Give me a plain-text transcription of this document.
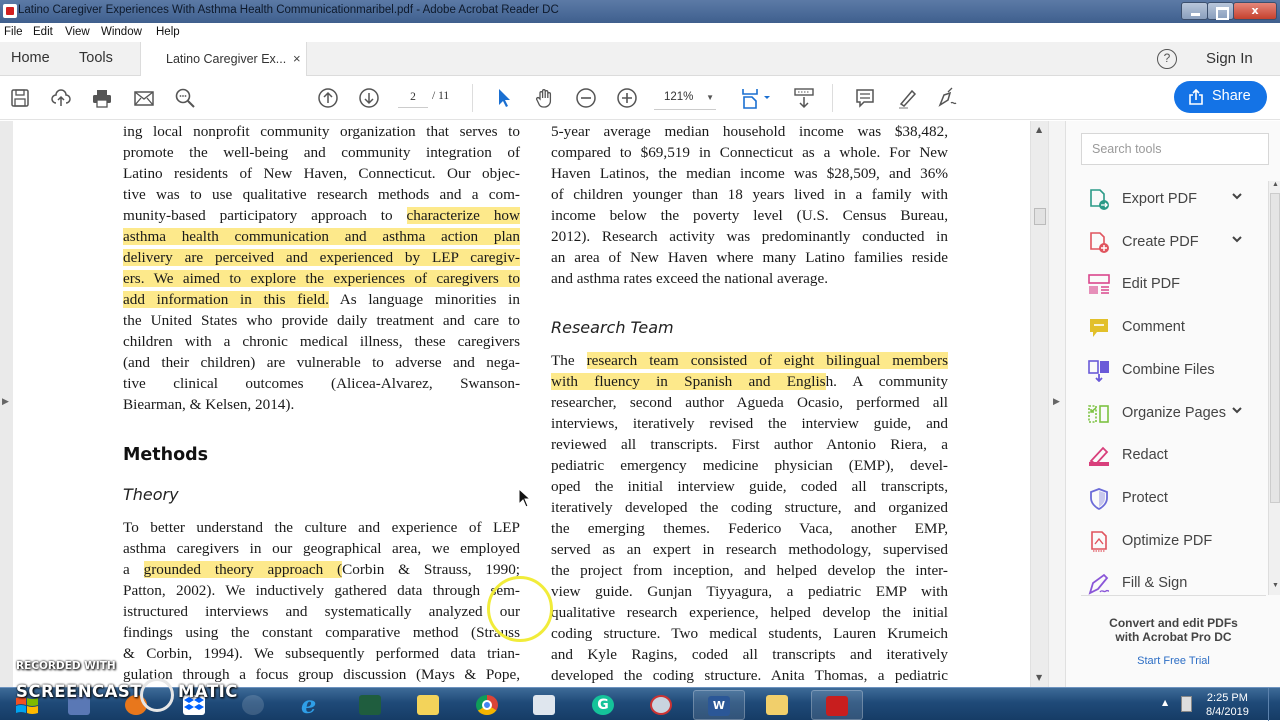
Latino Caregiver Experiences With Asthma Health Communicationmaribel.pdf - Adobe Acrobat Reader DC	x
File Edit View Window Help
Home Tools	Latino Caregiver Ex... ×	?	Sign In
2	/ 11	121% ▼	Share
▶
ing local nonprofit community organization that serves to
promote the well-being and community integration of
Latino residents of New Haven, Connecticut. Our objec-
tive was to use qualitative research methods and a com-
munity-based participatory approach to characterize how
asthma health communication and asthma action plan
delivery are perceived and experienced by LEP caregiv-
ers. We aimed to explore the experiences of caregivers to
add information in this field. As language minorities in
the United States who provide daily treatment and care to
children with a chronic medical illness, these caregivers
(and their children) are vulnerable to adverse and nega-
tive clinical outcomes (Alicea-Alvarez, Swanson-
Biearman, & Kelsen, 2014).
Methods
Theory
To better understand the culture and experience of LEP
asthma caregivers in our geographical area, we employed
a grounded theory approach (Corbin & Strauss, 1990;
Patton, 2002). We inductively gathered data through sem-
istructured interviews and systematically analyzed our
findings using the constant comparative method (Strauss
& Corbin, 1994). We subsequently performed data trian-
gulation through a focus group discussion (Mays & Pope,
5-year average median household income was $38,482,
compared to $69,519 in Connecticut as a whole. For New
Haven Latinos, the median income was $28,509, and 36%
of children younger than 18 years lived in a family with
income below the poverty level (U.S. Census Bureau,
2012). Research activity was predominantly conducted in
an area of New Haven where many Latino families reside
and asthma rates exceed the national average.
Research Team
The research team consisted of eight bilingual members
with fluency in Spanish and English. A community
researcher, second author Agueda Ocasio, performed all
interviews, iteratively revised the interview guide, and
reviewed all transcripts. First author Antonio Riera, a
pediatric emergency medicine physician (EMP), devel-
oped the initial interview guide, coded all transcripts,
iteratively developed the coding structure, and organized
the emerging themes. Federico Vaca, another EMP,
served as an expert in research methodology, supervised
the project from inception, and helped develop the inter-
view guide. Gunjan Tiyyagura, a pediatric EMP with
qualitative research experience, helped develop the initial
coding structure. Two medical students, Lauren Krumeich
and Kyle Ragins, coded all transcripts and iteratively
developed the coding structure. Anita Thomas, a pediatric
▲
▼
▶
Search tools
Export PDF
Create PDF
Edit PDF
Comment
Combine Files
Organize Pages
Redact
Protect
Optimize PDF
Fill & Sign
▲
▼
Convert and edit PDFs
with Acrobat Pro DC
Start Free Trial
e	G	W	▲	2:25 PM
8/4/2019
RECORDED WITH
SCREENCAST MATIC
